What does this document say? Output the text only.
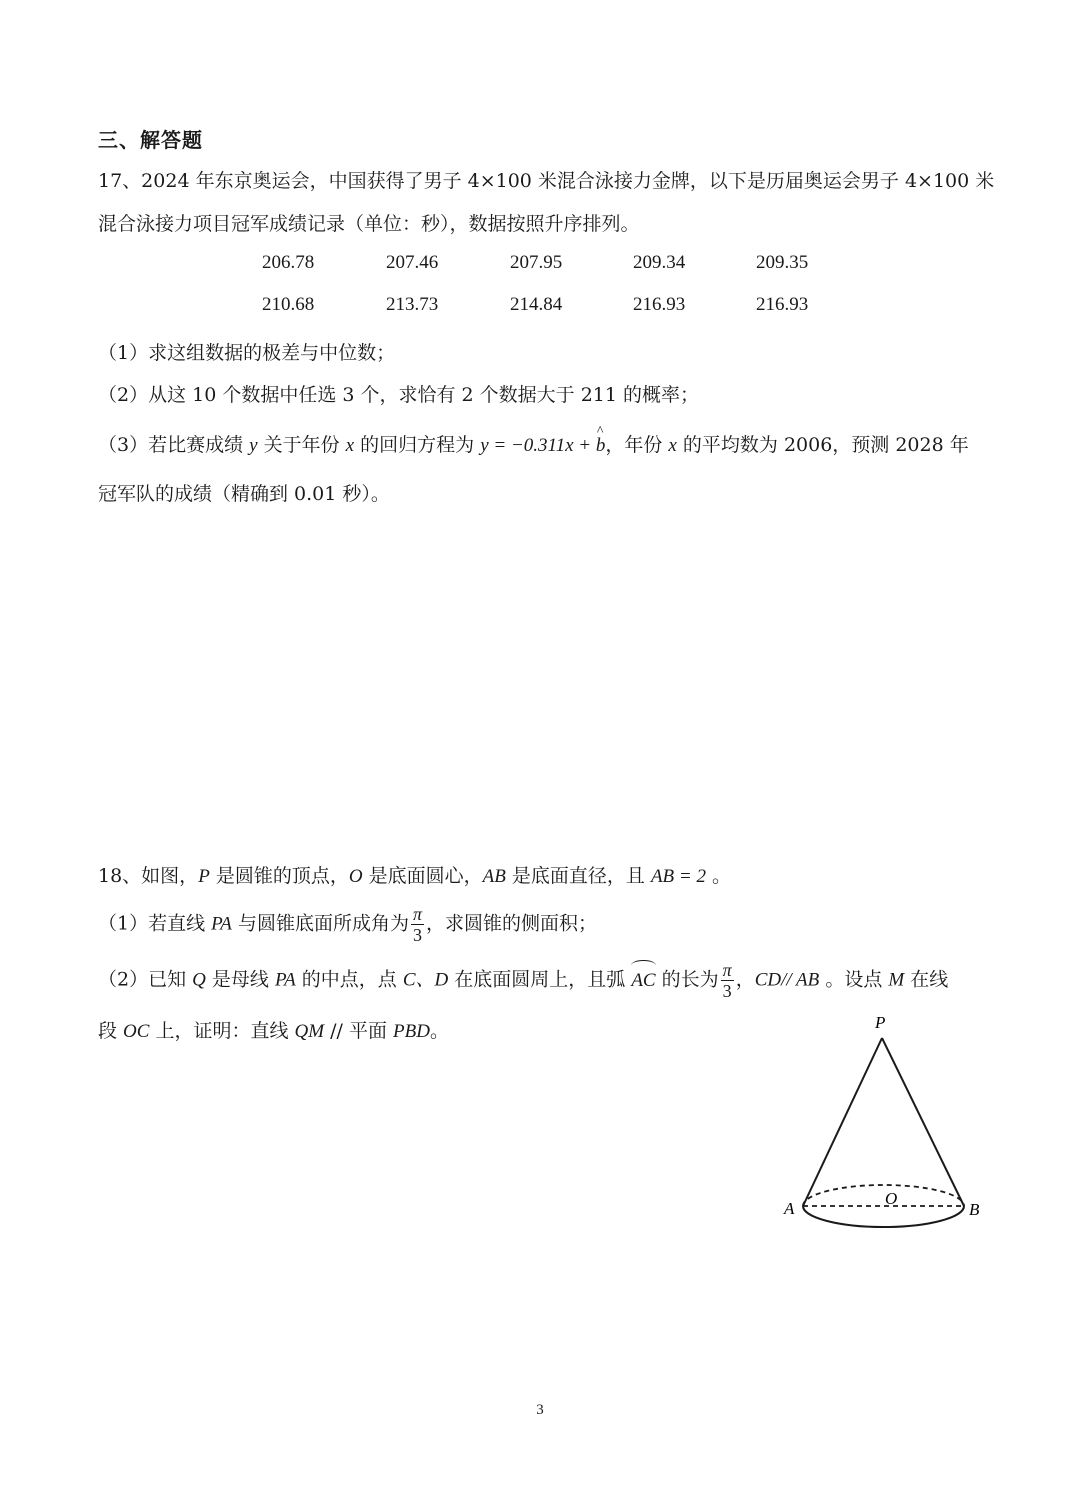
三、解答题
17、2024 年东京奥运会，中国获得了男子 4×100 米混合泳接力金牌，以下是历届奥运会男子 4×100 米
混合泳接力项目冠军成绩记录（单位：秒），数据按照升序排列。
206.78	207.46	207.95	209.34	209.35
210.68	213.73	214.84	216.93	216.93
（1）求这组数据的极差与中位数；
（2）从这 10 个数据中任选 3 个，求恰有 2 个数据大于 211 的概率；
（3）若比赛成绩 y 关于年份 x 的回归方程为 y = −0.311x + ^ b，年份 x 的平均数为 2006，预测 2028 年
冠军队的成绩（精确到 0.01 秒）。
18、如图，P 是圆锥的顶点，O 是底面圆心，AB 是底面直径，且 AB = 2 。
（1）若直线 PA 与圆锥底面所成角为 $\frac{\pi}{3}$ ，求圆锥的侧面积；
（2）已知 Q 是母线 PA 的中点，点 C、D 在底面圆周上，且弧 AC 的长为 $\frac{\pi}{3}$ ，CD// AB 。设点 M 在线
段 OC 上，证明：直线 QM // 平面 PBD。	P
O
A	B
3
